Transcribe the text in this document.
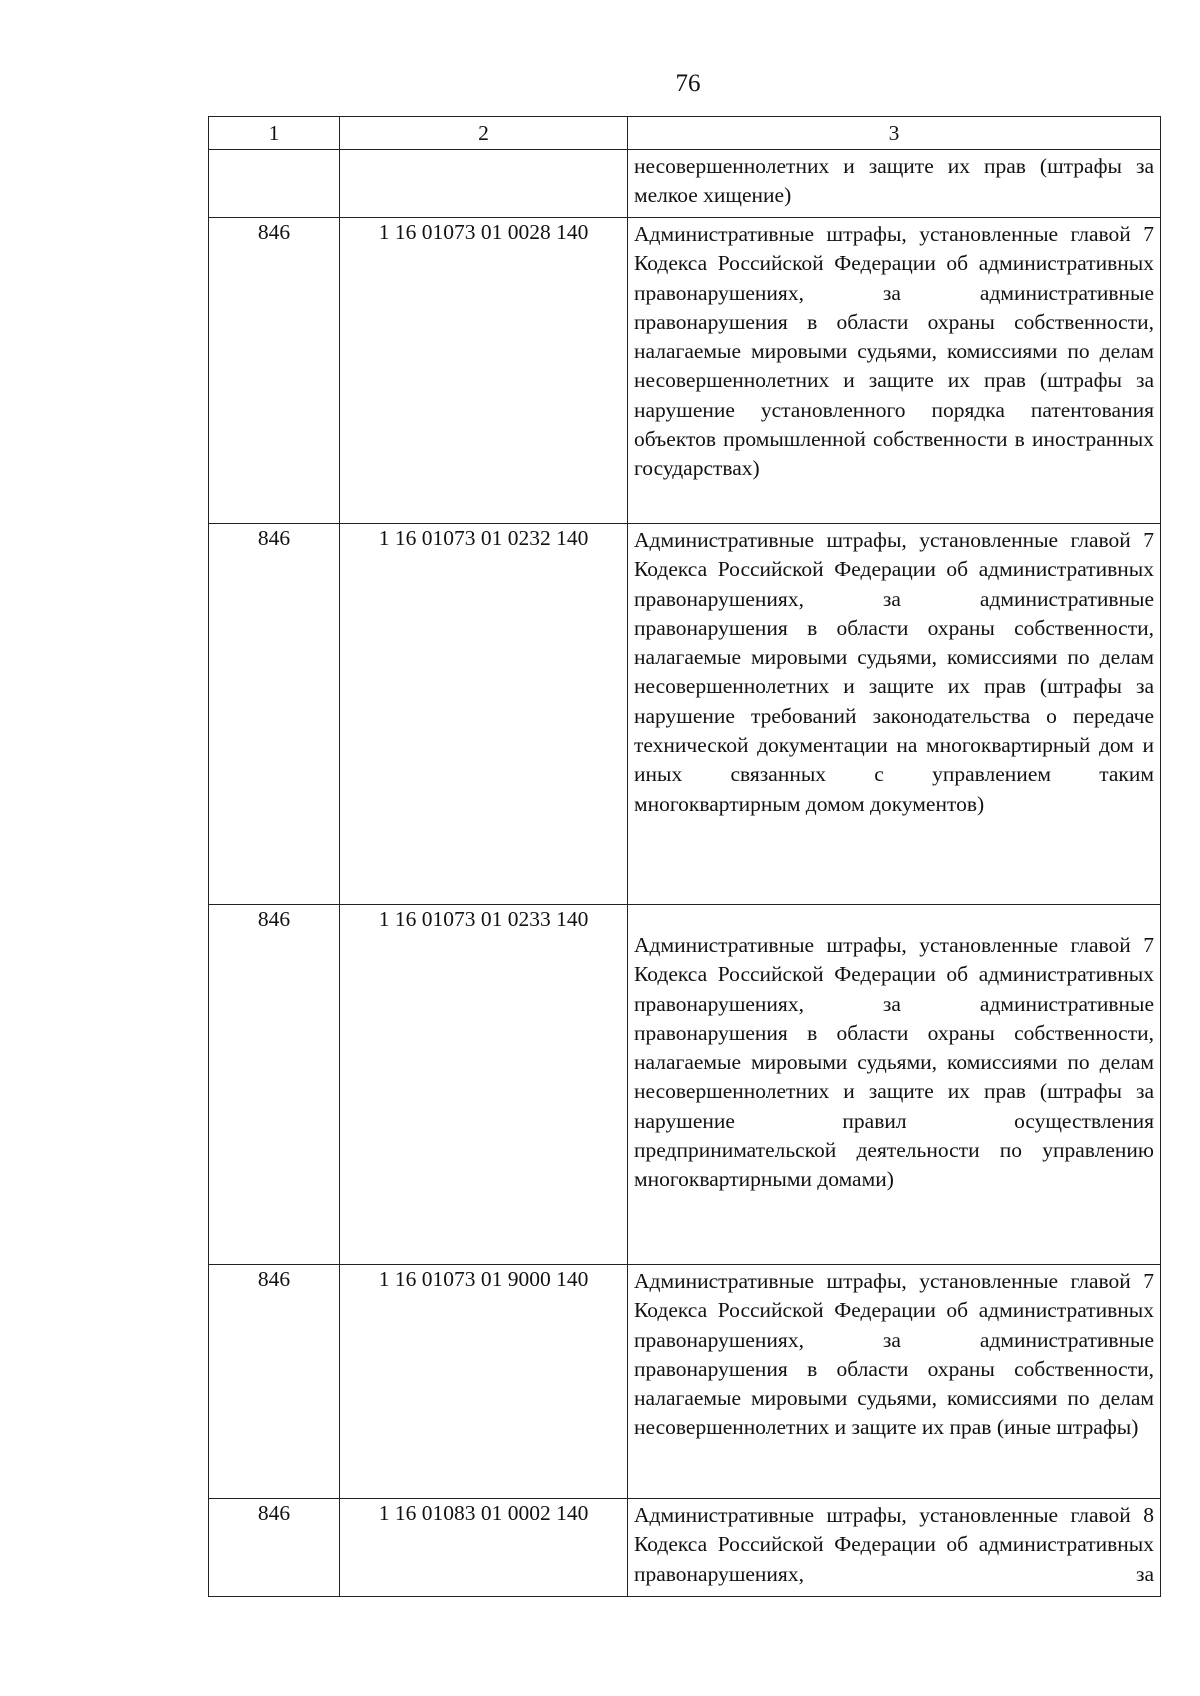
76
1	2	3

		несовершеннолетних и защите их прав (штрафы за мелкое хищение)

846	1 16 01073 01 0028 140	Административные штрафы, установленные главой 7 Кодекса Российской Федерации об административных правонарушениях, за административные правонарушения в области охраны собственности, налагаемые мировыми судьями, комиссиями по делам несовершеннолетних и защите их прав (штрафы за нарушение установленного порядка патентования объектов промышленной собственности в иностранных государствах)

846	1 16 01073 01 0232 140	Административные штрафы, установленные главой 7 Кодекса Российской Федерации об административных правонарушениях, за административные правонарушения в области охраны собственности, налагаемые мировыми судьями, комиссиями по делам несовершеннолетних и защите их прав (штрафы за нарушение требований законодательства о передаче технической документации на многоквартирный дом и иных связанных с управлением таким многоквартирным домом документов)

846	1 16 01073 01 0233 140	Административные штрафы, установленные главой 7 Кодекса Российской Федерации об административных правонарушениях, за административные правонарушения в области охраны собственности, налагаемые мировыми судьями, комиссиями по делам несовершеннолетних и защите их прав (штрафы за нарушение правил осуществления предпринимательской деятельности по управлению многоквартирными домами)

846	1 16 01073 01 9000 140	Административные штрафы, установленные главой 7 Кодекса Российской Федерации об административных правонарушениях, за административные правонарушения в области охраны собственности, налагаемые мировыми судьями, комиссиями по делам несовершеннолетних и защите их прав (иные штрафы)

846	1 16 01083 01 0002 140	Административные штрафы, установленные главой 8 Кодекса Российской Федерации об административных правонарушениях, за
